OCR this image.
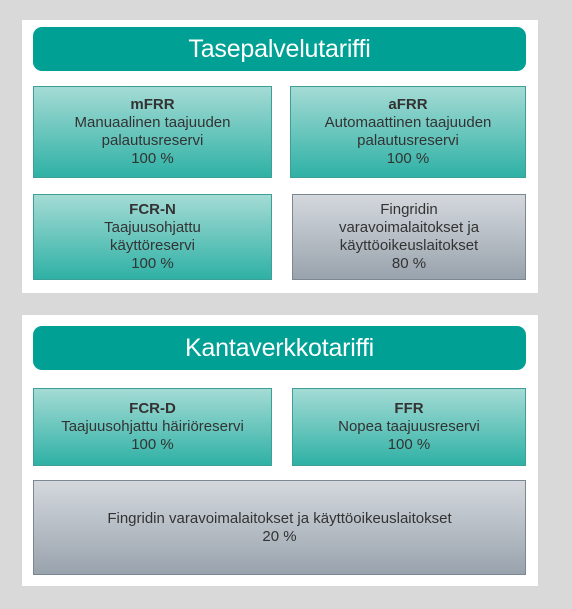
Tasepalvelutariffi
mFRR
Manuaalinen taajuuden
palautusreservi
100 %
aFRR
Automaattinen taajuuden
palautusreservi
100 %
FCR-N
Taajuusohjattu
käyttöreservi
100 %
Fingridin
varavoimalaitokset ja
käyttöoikeuslaitokset
80 %
Kantaverkkotariffi
FCR-D
Taajuusohjattu häiriöreservi
100 %
FFR
Nopea taajuusreservi
100 %
Fingridin varavoimalaitokset ja käyttöoikeuslaitokset
20 %
